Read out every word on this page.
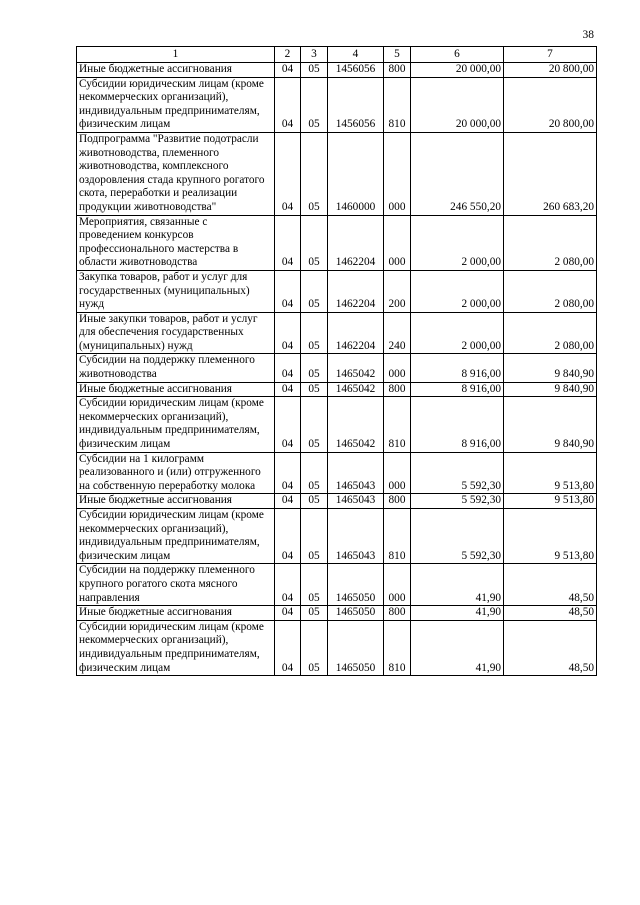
38
1	2	3	4	5	6	7
Иные бюджетные ассигнования	04	05	1456056	800	20 000,00	20 800,00
Субсидии юридическим лицам (кроме некоммерческих организаций), индивидуальным предпринимателям, физическим лицам	04	05	1456056	810	20 000,00	20 800,00
Подпрограмма "Развитие подотрасли животноводства, племенного животноводства, комплексного оздоровления стада крупного рогатого скота, переработки и реализации продукции животноводства"	04	05	1460000	000	246 550,20	260 683,20
Мероприятия, связанные с проведением конкурсов профессионального мастерства в области животноводства	04	05	1462204	000	2 000,00	2 080,00
Закупка товаров, работ и услуг для государственных (муниципальных) нужд	04	05	1462204	200	2 000,00	2 080,00
Иные закупки товаров, работ и услуг для обеспечения государственных (муниципальных) нужд	04	05	1462204	240	2 000,00	2 080,00
Субсидии на поддержку племенного животноводства	04	05	1465042	000	8 916,00	9 840,90
Иные бюджетные ассигнования	04	05	1465042	800	8 916,00	9 840,90
Субсидии юридическим лицам (кроме некоммерческих организаций), индивидуальным предпринимателям, физическим лицам	04	05	1465042	810	8 916,00	9 840,90
Субсидии на 1 килограмм реализованного и (или) отгруженного на собственную переработку молока	04	05	1465043	000	5 592,30	9 513,80
Иные бюджетные ассигнования	04	05	1465043	800	5 592,30	9 513,80
Субсидии юридическим лицам (кроме некоммерческих организаций), индивидуальным предпринимателям, физическим лицам	04	05	1465043	810	5 592,30	9 513,80
Субсидии на поддержку племенного крупного рогатого скота мясного направления	04	05	1465050	000	41,90	48,50
Иные бюджетные ассигнования	04	05	1465050	800	41,90	48,50
Субсидии юридическим лицам (кроме некоммерческих организаций), индивидуальным предпринимателям, физическим лицам	04	05	1465050	810	41,90	48,50
